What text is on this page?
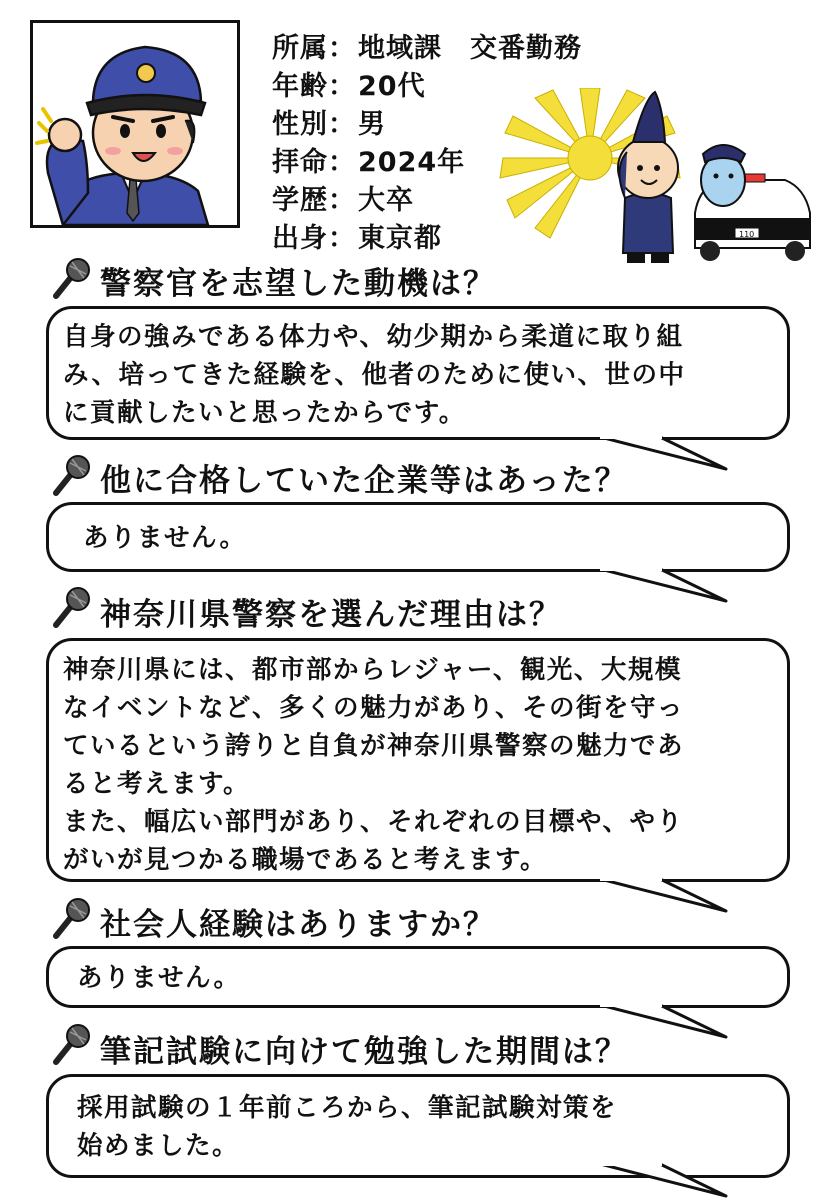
所属：地域課　交番勤務
年齢：20代
性別：男
拝命：2024年
学歴：大卒
出身：東京都	110
警察官を志望した動機は？

自身の強みである体力や、幼少期から柔道に取り組

み、培ってきた経験を、他者のために使い、世の中

に貢献したいと思ったからです。

他に合格していた企業等はあった？

ありません。

神奈川県警察を選んだ理由は？

神奈川県には、都市部からレジャー、観光、大規模

なイベントなど、多くの魅力があり、その街を守っ

ているという誇りと自負が神奈川県警察の魅力であ

ると考えます。

また、幅広い部門があり、それぞれの目標や、やり

がいが見つかる職場であると考えます。

社会人経験はありますか？

ありません。

筆記試験に向けて勉強した期間は？

採用試験の１年前ころから、筆記試験対策を

始めました。
